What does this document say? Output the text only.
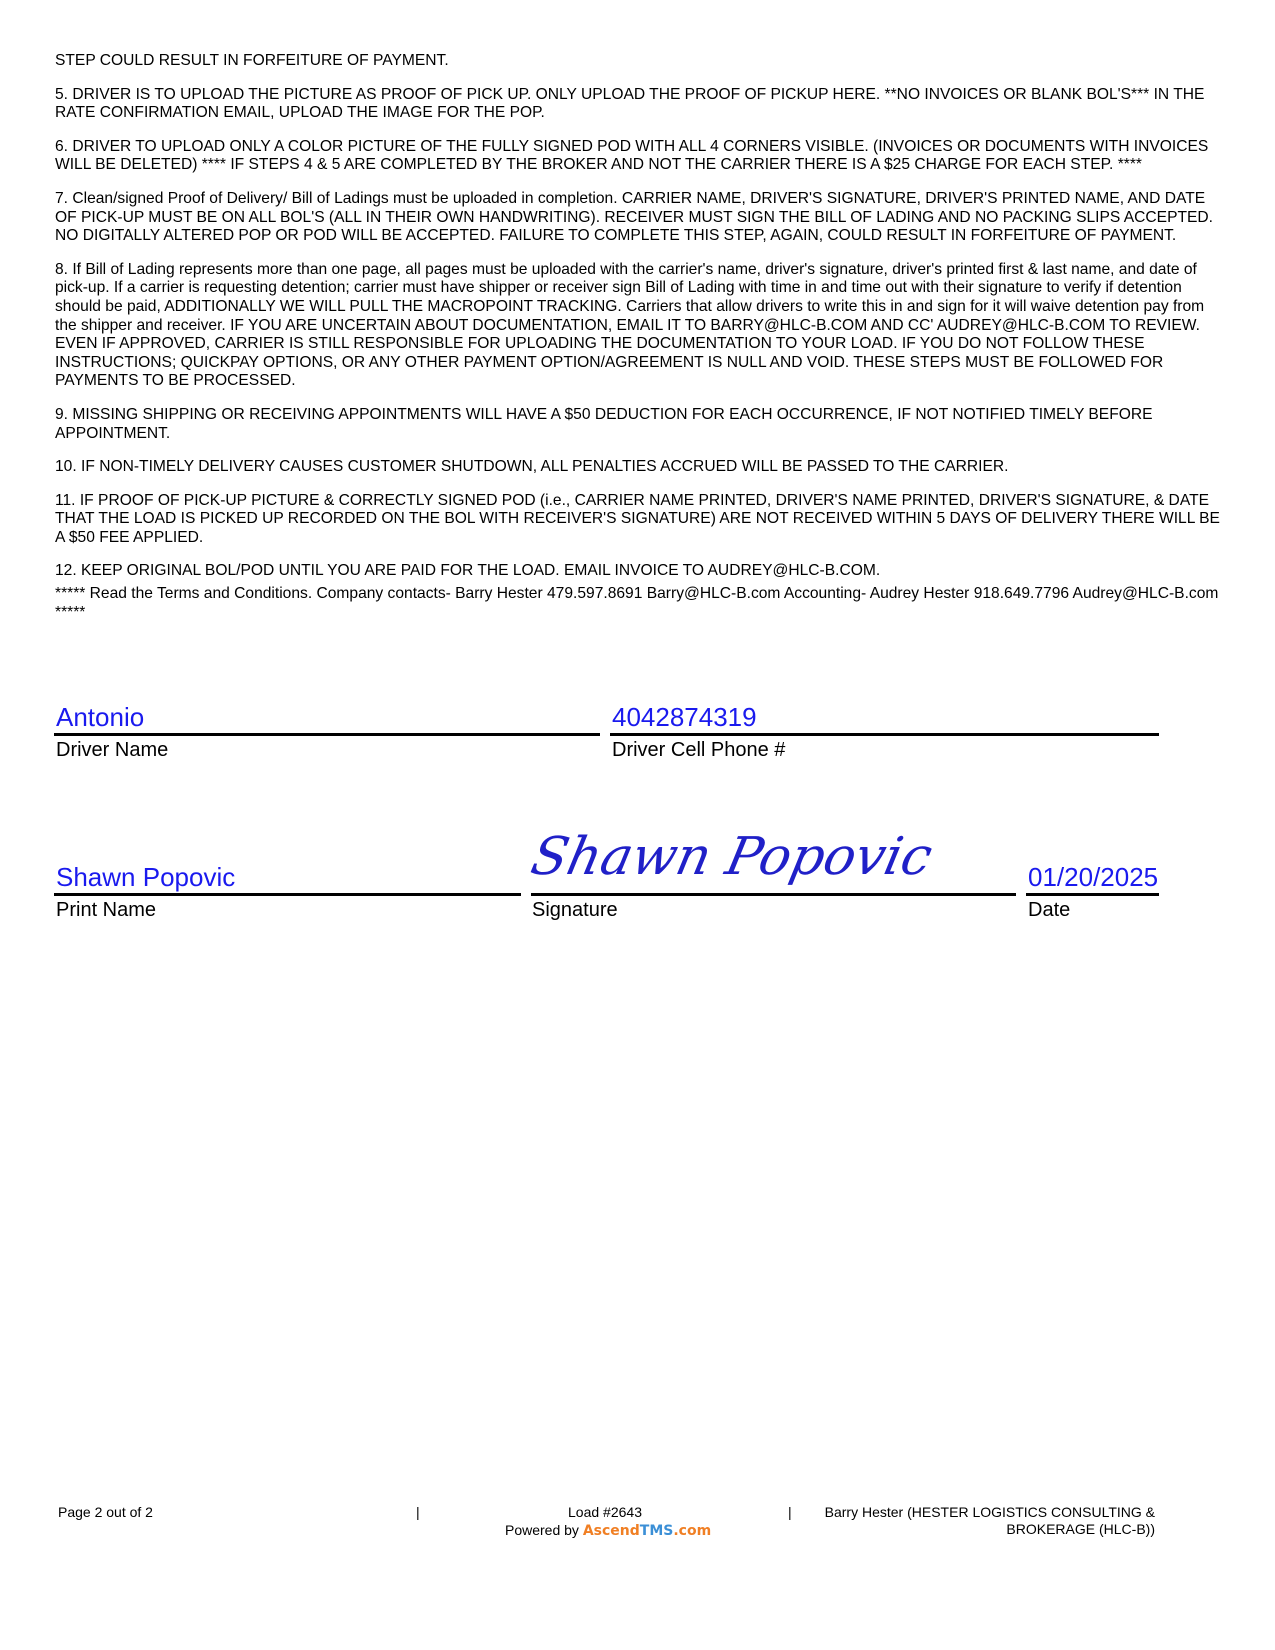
STEP COULD RESULT IN FORFEITURE OF PAYMENT.

5. DRIVER IS TO UPLOAD THE PICTURE AS PROOF OF PICK UP. ONLY UPLOAD THE PROOF OF PICKUP HERE. **NO INVOICES OR BLANK BOL'S*** IN THE RATE CONFIRMATION EMAIL, UPLOAD THE IMAGE FOR THE POP.

6. DRIVER TO UPLOAD ONLY A COLOR PICTURE OF THE FULLY SIGNED POD WITH ALL 4 CORNERS VISIBLE. (INVOICES OR DOCUMENTS WITH INVOICES WILL BE DELETED) **** IF STEPS 4 & 5 ARE COMPLETED BY THE BROKER AND NOT THE CARRIER THERE IS A $25 CHARGE FOR EACH STEP. ****

7. Clean/signed Proof of Delivery/ Bill of Ladings must be uploaded in completion. CARRIER NAME, DRIVER'S SIGNATURE, DRIVER'S PRINTED NAME, AND DATE OF PICK-UP MUST BE ON ALL BOL'S (ALL IN THEIR OWN HANDWRITING). RECEIVER MUST SIGN THE BILL OF LADING AND NO PACKING SLIPS ACCEPTED. NO DIGITALLY ALTERED POP OR POD WILL BE ACCEPTED. FAILURE TO COMPLETE THIS STEP, AGAIN, COULD RESULT IN FORFEITURE OF PAYMENT.

8. If Bill of Lading represents more than one page, all pages must be uploaded with the carrier's name, driver's signature, driver's printed first & last name, and date of pick-up. If a carrier is requesting detention; carrier must have shipper or receiver sign Bill of Lading with time in and time out with their signature to verify if detention should be paid, ADDITIONALLY WE WILL PULL THE MACROPOINT TRACKING. Carriers that allow drivers to write this in and sign for it will waive detention pay from the shipper and receiver. IF YOU ARE UNCERTAIN ABOUT DOCUMENTATION, EMAIL IT TO BARRY@HLC-B.COM AND CC' AUDREY@HLC-B.COM TO REVIEW. EVEN IF APPROVED, CARRIER IS STILL RESPONSIBLE FOR UPLOADING THE DOCUMENTATION TO YOUR LOAD. IF YOU DO NOT FOLLOW THESE INSTRUCTIONS; QUICKPAY OPTIONS, OR ANY OTHER PAYMENT OPTION/AGREEMENT IS NULL AND VOID. THESE STEPS MUST BE FOLLOWED FOR PAYMENTS TO BE PROCESSED.

9. MISSING SHIPPING OR RECEIVING APPOINTMENTS WILL HAVE A $50 DEDUCTION FOR EACH OCCURRENCE, IF NOT NOTIFIED TIMELY BEFORE APPOINTMENT.

10. IF NON-TIMELY DELIVERY CAUSES CUSTOMER SHUTDOWN, ALL PENALTIES ACCRUED WILL BE PASSED TO THE CARRIER.

11. IF PROOF OF PICK-UP PICTURE & CORRECTLY SIGNED POD (i.e., CARRIER NAME PRINTED, DRIVER'S NAME PRINTED, DRIVER'S SIGNATURE, & DATE THAT THE LOAD IS PICKED UP RECORDED ON THE BOL WITH RECEIVER'S SIGNATURE) ARE NOT RECEIVED WITHIN 5 DAYS OF DELIVERY THERE WILL BE A $50 FEE APPLIED.

12. KEEP ORIGINAL BOL/POD UNTIL YOU ARE PAID FOR THE LOAD. EMAIL INVOICE TO AUDREY@HLC-B.COM.

***** Read the Terms and Conditions. Company contacts- Barry Hester 479.597.8691 Barry@HLC-B.com Accounting- Audrey Hester 918.649.7796 Audrey@HLC-B.com *****

Antonio
Driver Name
4042874319
Driver Cell Phone #
Shawn Popovic
Print Name
Shawn Popovic
Signature
01/20/2025
Date
Page 2 out of 2	|	Load #2643
Powered by AscendTMS.com
|	Barry Hester (HESTER LOGISTICS CONSULTING &
BROKERAGE (HLC-B))
